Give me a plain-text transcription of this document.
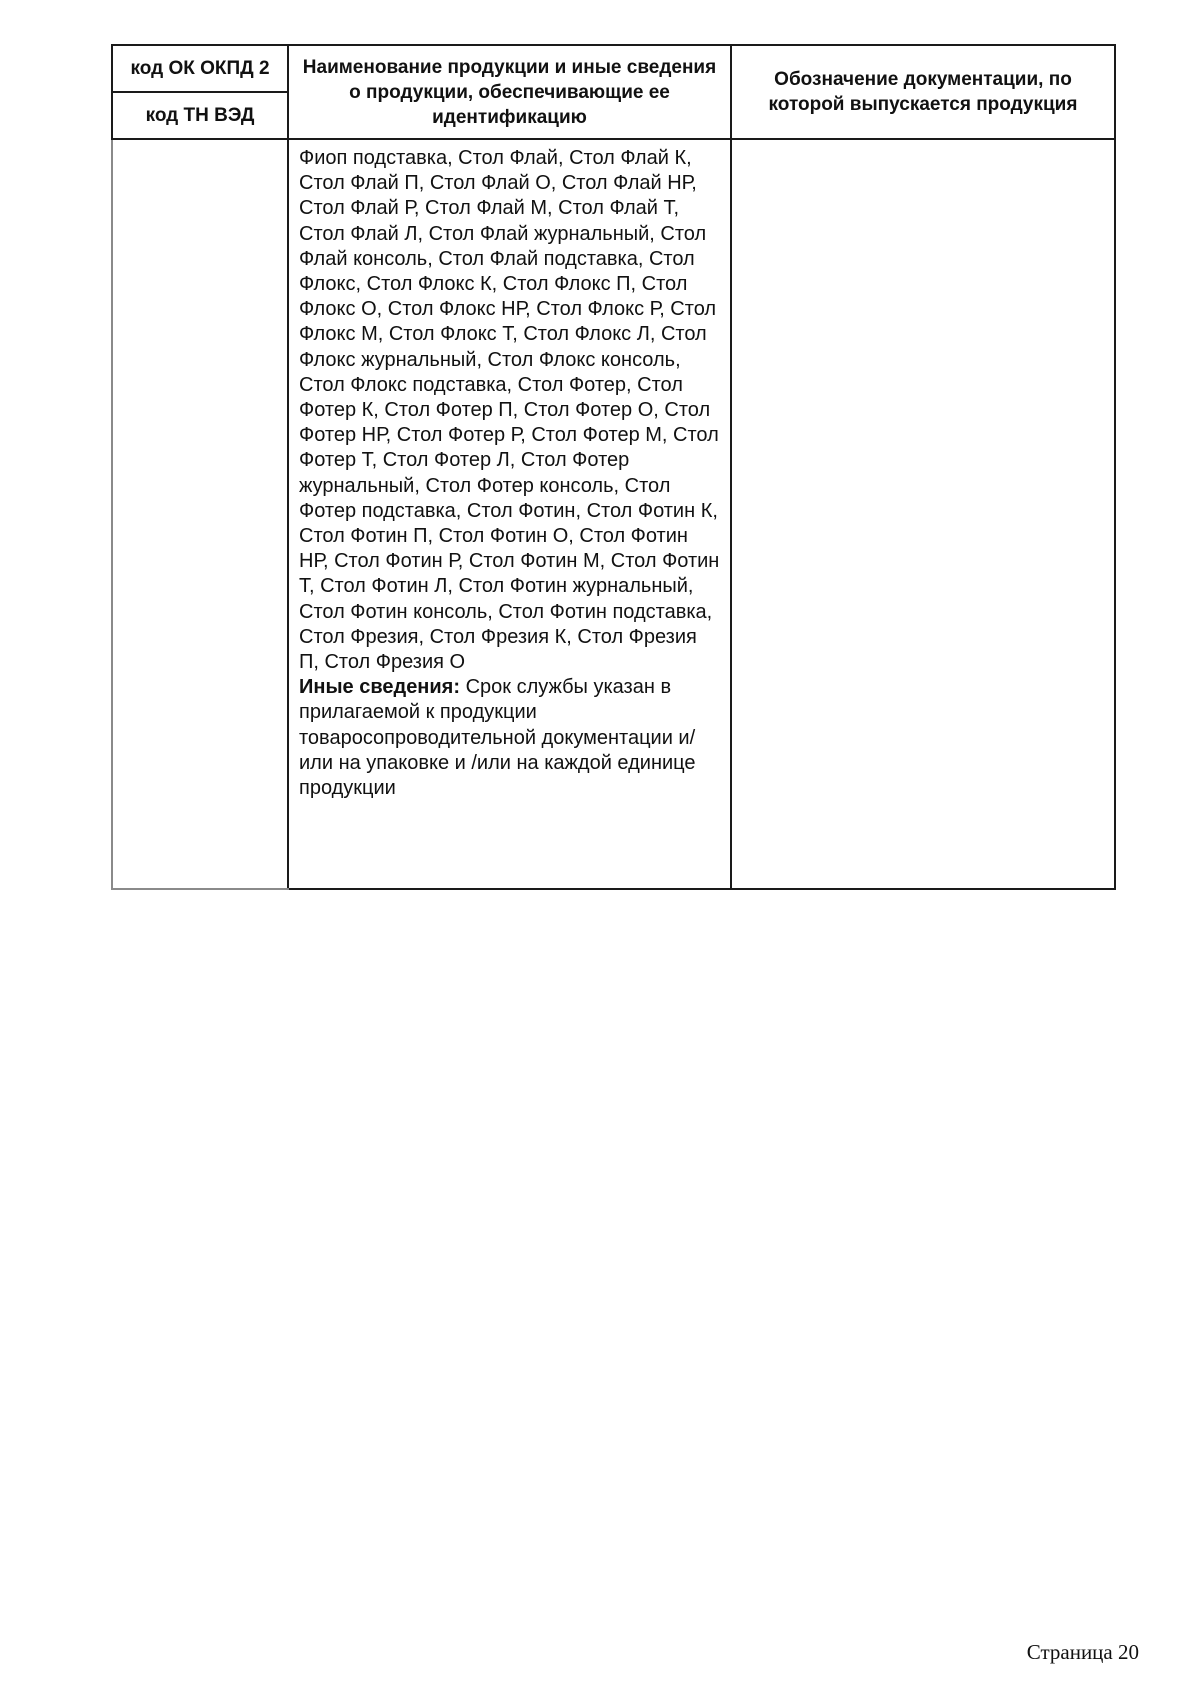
код ОК ОКПД 2	Наименование продукции и иные сведения о продукции, обеспечивающие ее идентификацию	Обозначение документации, по которой выпускается продукция
код ТН ВЭД		
	Фиоп подставка, Стол Флай, Стол Флай К, Стол Флай П, Стол Флай О, Стол Флай НР, Стол Флай Р, Стол Флай М, Стол Флай Т, Стол Флай Л, Стол Флай журнальный, Стол Флай консоль, Стол Флай подставка, Стол Флокс, Стол Флокс К, Стол Флокс П, Стол Флокс О, Стол Флокс НР, Стол Флокс Р, Стол Флокс М, Стол Флокс Т, Стол Флокс Л, Стол Флокс журнальный, Стол Флокс консоль, Стол Флокс подставка, Стол Фотер, Стол Фотер К, Стол Фотер П, Стол Фотер О, Стол Фотер НР, Стол Фотер Р, Стол Фотер М, Стол Фотер Т, Стол Фотер Л, Стол Фотер журнальный, Стол Фотер консоль, Стол Фотер подставка, Стол Фотин, Стол Фотин К, Стол Фотин П, Стол Фотин О, Стол Фотин НР, Стол Фотин Р, Стол Фотин М, Стол Фотин Т, Стол Фотин Л, Стол Фотин журнальный, Стол Фотин консоль, Стол Фотин подставка, Стол Фрезия, Стол Фрезия К, Стол Фрезия П, Стол Фрезия О
Иные сведения: Срок службы указан в прилагаемой к продукции товаросопроводительной документации и/или на упаковке и /или на каждой единице продукции	
Страница 20
